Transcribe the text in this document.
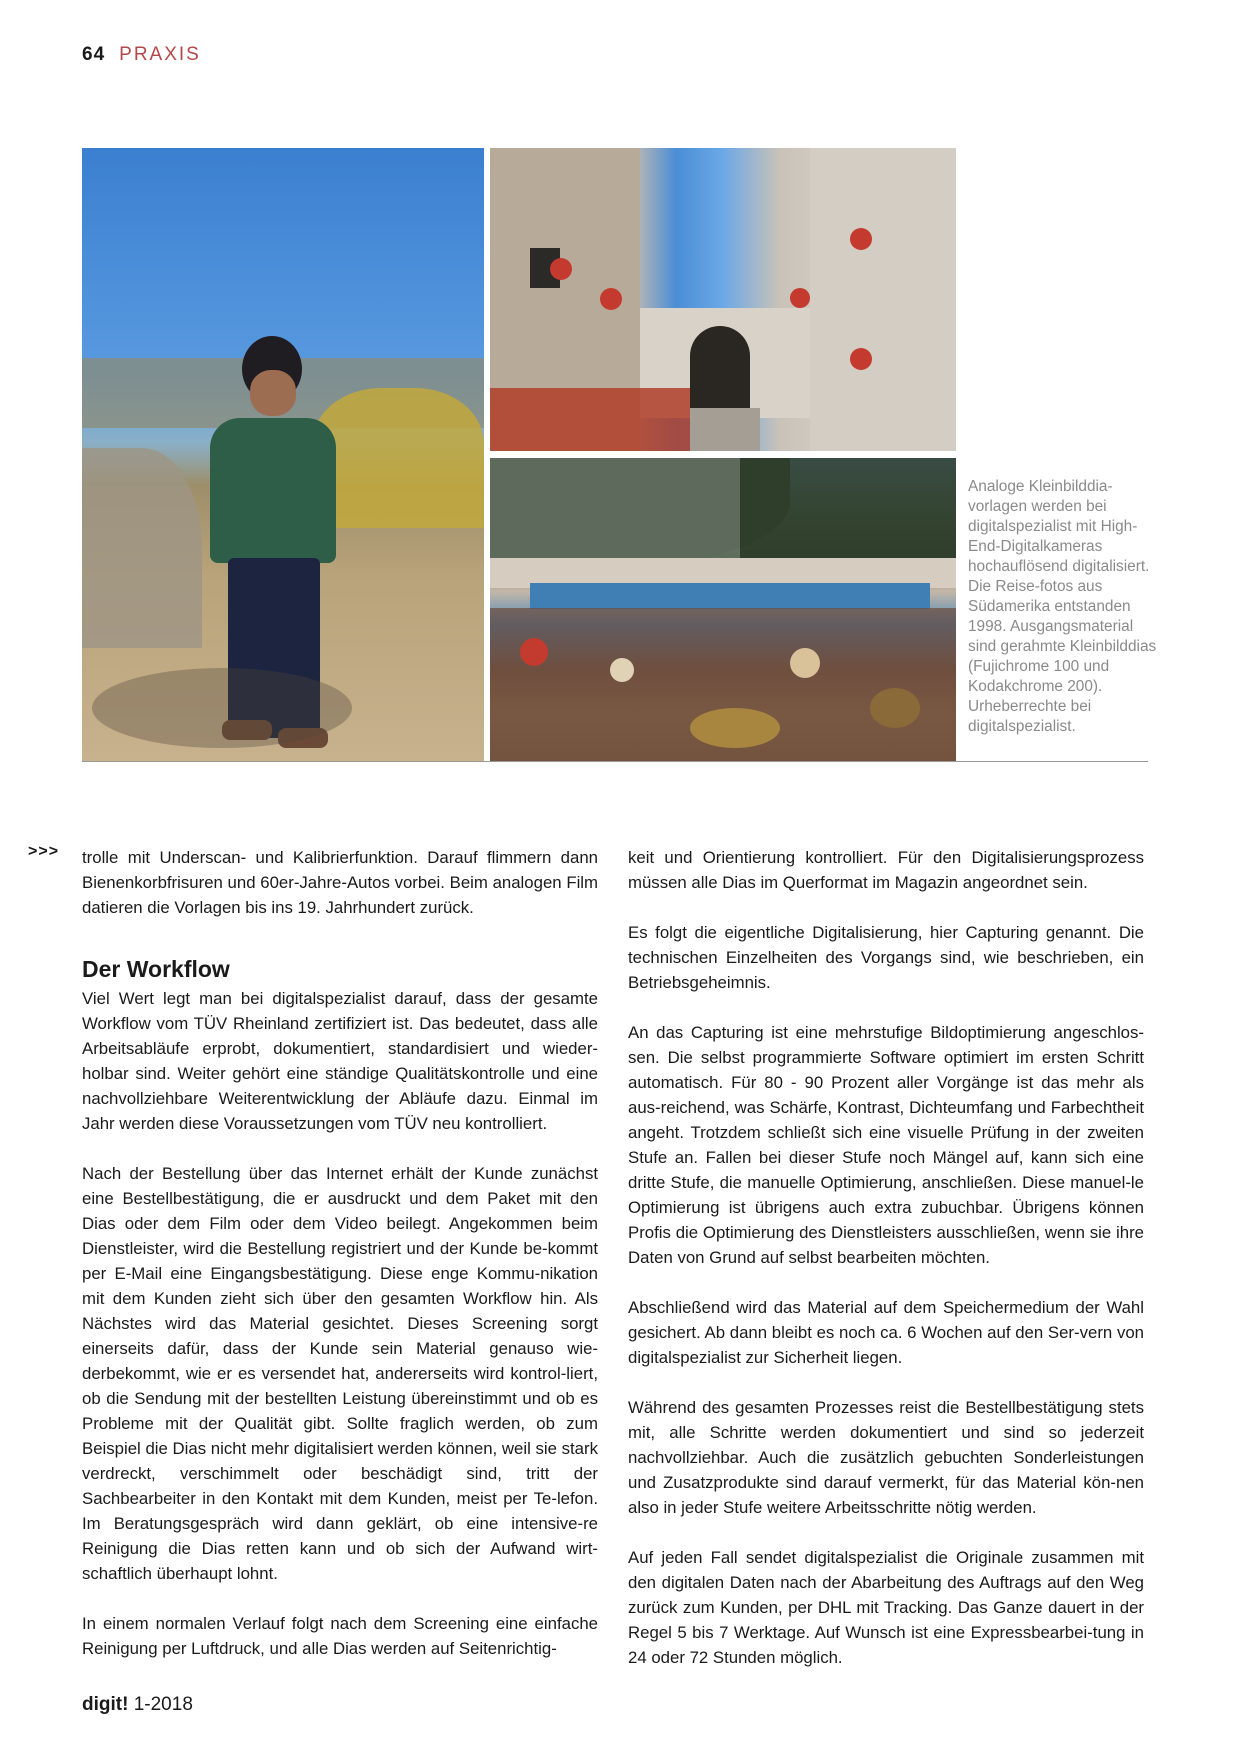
64 PRAXIS
Analoge Kleinbilddia-vorlagen werden bei digitalspezialist mit High-End-Digitalkameras hochauflösend digitalisiert. Die Reise-fotos aus Südamerika entstanden 1998. Ausgangsmaterial sind gerahmte Kleinbilddias (Fujichrome 100 und Kodakchrome 200). Urheberrechte bei digitalspezialist.
>>> trolle mit Underscan- und Kalibrierfunktion. Darauf flimmern dann Bienenkorbfrisuren und 60er-Jahre-Autos vorbei. Beim analogen Film datieren die Vorlagen bis ins 19. Jahrhundert zurück.

Der Workflow

Viel Wert legt man bei digitalspezialist darauf, dass der gesamte Workflow vom TÜV Rheinland zertifiziert ist. Das bedeutet, dass alle Arbeitsabläufe erprobt, dokumentiert, standardisiert und wieder-holbar sind. Weiter gehört eine ständige Qualitätskontrolle und eine nachvollziehbare Weiterentwicklung der Abläufe dazu. Einmal im Jahr werden diese Voraussetzungen vom TÜV neu kontrolliert.

Nach der Bestellung über das Internet erhält der Kunde zunächst eine Bestellbestätigung, die er ausdruckt und dem Paket mit den Dias oder dem Film oder dem Video beilegt. Angekommen beim Dienstleister, wird die Bestellung registriert und der Kunde be-kommt per E-Mail eine Eingangsbestätigung. Diese enge Kommu-nikation mit dem Kunden zieht sich über den gesamten Workflow hin. Als Nächstes wird das Material gesichtet. Dieses Screening sorgt einerseits dafür, dass der Kunde sein Material genauso wie-derbekommt, wie er es versendet hat, andererseits wird kontrol-liert, ob die Sendung mit der bestellten Leistung übereinstimmt und ob es Probleme mit der Qualität gibt. Sollte fraglich werden, ob zum Beispiel die Dias nicht mehr digitalisiert werden können, weil sie stark verdreckt, verschimmelt oder beschädigt sind, tritt der Sachbearbeiter in den Kontakt mit dem Kunden, meist per Te-lefon. Im Beratungsgespräch wird dann geklärt, ob eine intensive-re Reinigung die Dias retten kann und ob sich der Aufwand wirt-schaftlich überhaupt lohnt.

In einem normalen Verlauf folgt nach dem Screening eine einfache Reinigung per Luftdruck, und alle Dias werden auf Seitenrichtig-

keit und Orientierung kontrolliert. Für den Digitalisierungsprozess müssen alle Dias im Querformat im Magazin angeordnet sein.

Es folgt die eigentliche Digitalisierung, hier Capturing genannt. Die technischen Einzelheiten des Vorgangs sind, wie beschrieben, ein Betriebsgeheimnis.

An das Capturing ist eine mehrstufige Bildoptimierung angeschlos-sen. Die selbst programmierte Software optimiert im ersten Schritt automatisch. Für 80 - 90 Prozent aller Vorgänge ist das mehr als aus-reichend, was Schärfe, Kontrast, Dichteumfang und Farbechtheit angeht. Trotzdem schließt sich eine visuelle Prüfung in der zweiten Stufe an. Fallen bei dieser Stufe noch Mängel auf, kann sich eine dritte Stufe, die manuelle Optimierung, anschließen. Diese manuel-le Optimierung ist übrigens auch extra zubuchbar. Übrigens können Profis die Optimierung des Dienstleisters ausschließen, wenn sie ihre Daten von Grund auf selbst bearbeiten möchten.

Abschließend wird das Material auf dem Speichermedium der Wahl gesichert. Ab dann bleibt es noch ca. 6 Wochen auf den Ser-vern von digitalspezialist zur Sicherheit liegen.

Während des gesamten Prozesses reist die Bestellbestätigung stets mit, alle Schritte werden dokumentiert und sind so jederzeit nachvollziehbar. Auch die zusätzlich gebuchten Sonderleistungen und Zusatzprodukte sind darauf vermerkt, für das Material kön-nen also in jeder Stufe weitere Arbeitsschritte nötig werden.

Auf jeden Fall sendet digitalspezialist die Originale zusammen mit den digitalen Daten nach der Abarbeitung des Auftrags auf den Weg zurück zum Kunden, per DHL mit Tracking. Das Ganze dauert in der Regel 5 bis 7 Werktage. Auf Wunsch ist eine Expressbearbei-tung in 24 oder 72 Stunden möglich.

digit! 1-2018
